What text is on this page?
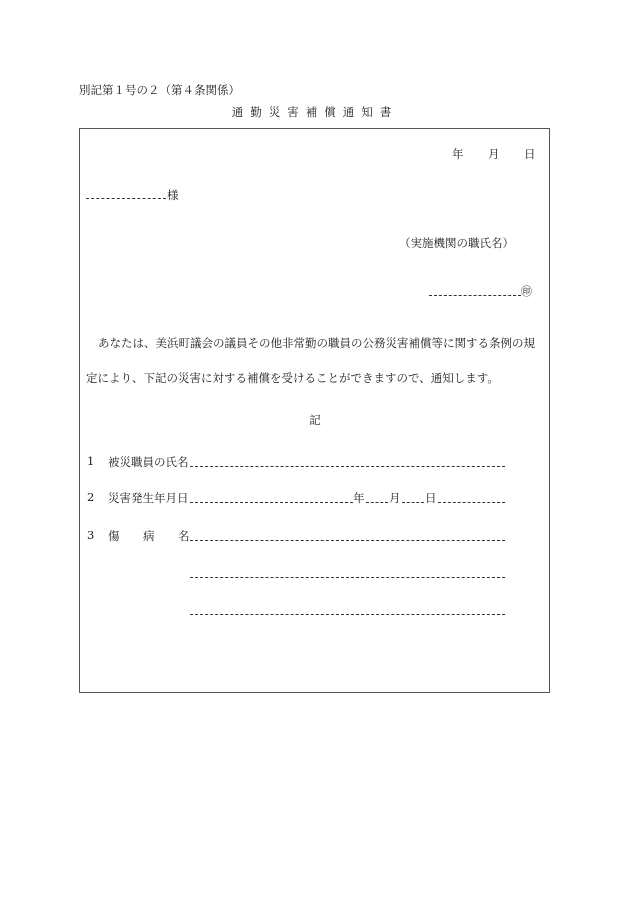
別記第１号の２（第４条関係）
通勤災害補償通知書
年 月 日
様
（実施機関の職氏名）
㊞
あなたは、美浜町議会の議員その他非常勤の職員の公務災害補償等に関する条例の規
定により、下記の災害に対する補償を受けることができますので、通知します。
記
1 被災職員の氏名
2 災害発生年月日	年 月 日
3 傷 病 名
